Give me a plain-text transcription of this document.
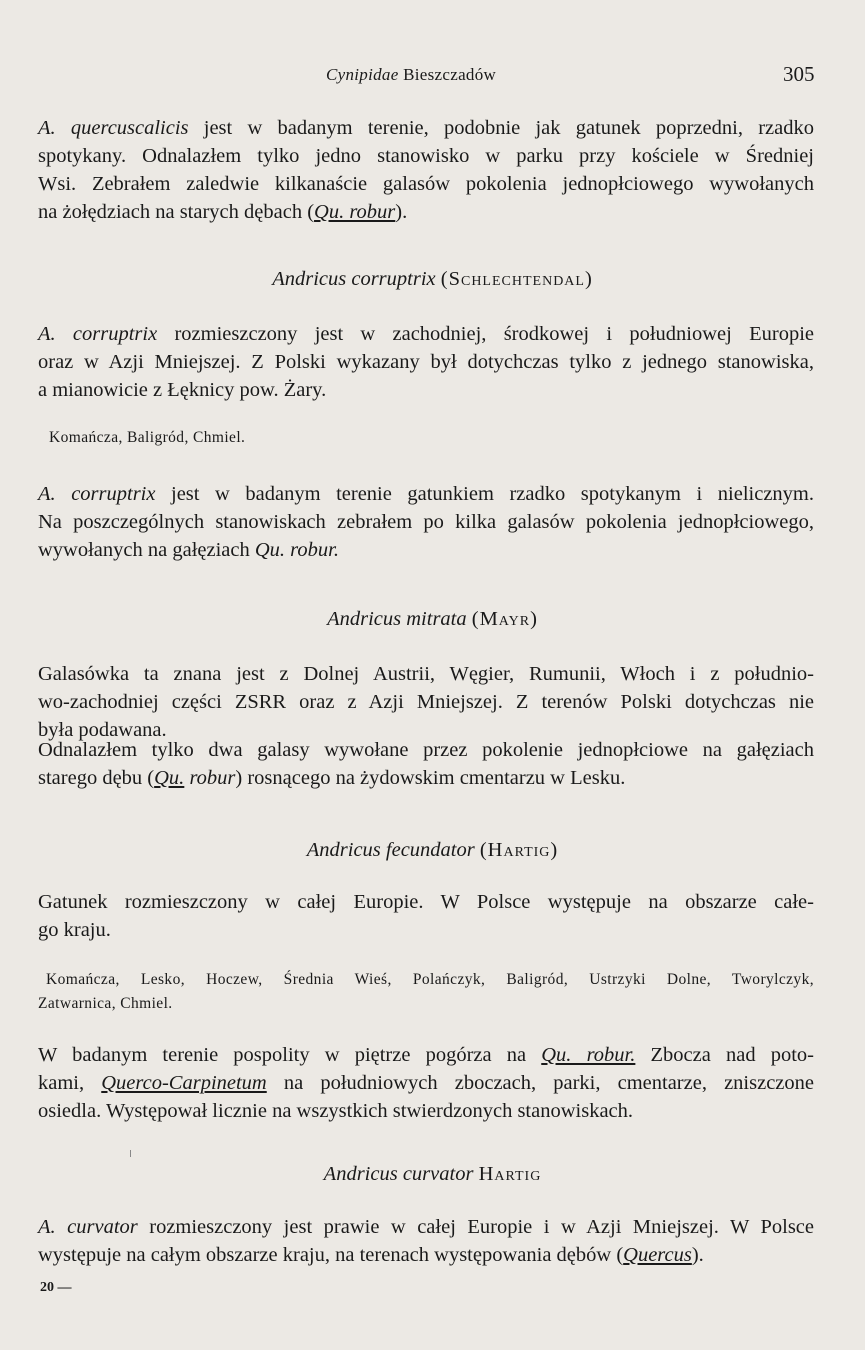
Cynipidae Bieszczadów	305
A. quercuscalicis jest w badanym terenie, podobnie jak gatunek poprzedni, rzadko
spotykany. Odnalazłem tylko jedno stanowisko w parku przy kościele w Średniej
Wsi. Zebrałem zaledwie kilkanaście galasów pokolenia jednopłciowego wywołanych
na żołędziach na starych dębach (Qu. robur).
Andricus corruptrix (Schlechtendal)
A. corruptrix rozmieszczony jest w zachodniej, środkowej i południowej Europie
oraz w Azji Mniejszej. Z Polski wykazany był dotychczas tylko z jednego stanowiska,
a mianowicie z Łęknicy pow. Żary.
Komańcza, Baligród, Chmiel.
A. corruptrix jest w badanym terenie gatunkiem rzadko spotykanym i nielicznym.
Na poszczególnych stanowiskach zebrałem po kilka galasów pokolenia jednopłciowego,
wywołanych na gałęziach Qu. robur.
Andricus mitrata (Mayr)
Galasówka ta znana jest z Dolnej Austrii, Węgier, Rumunii, Włoch i z południo-
wo-zachodniej części ZSRR oraz z Azji Mniejszej. Z terenów Polski dotychczas nie
była podawana.
Odnalazłem tylko dwa galasy wywołane przez pokolenie jednopłciowe na gałęziach
starego dębu (Qu. robur) rosnącego na żydowskim cmentarzu w Lesku.
Andricus fecundator (Hartig)
Gatunek rozmieszczony w całej Europie. W Polsce występuje na obszarze całe-
go kraju.
Komańcza, Lesko, Hoczew, Średnia Wieś, Polańczyk, Baligród, Ustrzyki Dolne, Tworylczyk,
Zatwarnica, Chmiel.
W badanym terenie pospolity w piętrze pogórza na Qu. robur. Zbocza nad poto-
kami, Querco-Carpinetum na południowych zboczach, parki, cmentarze, zniszczone
osiedla. Występował licznie na wszystkich stwierdzonych stanowiskach.
Andricus curvator Hartig
A. curvator rozmieszczony jest prawie w całej Europie i w Azji Mniejszej. W Polsce
występuje na całym obszarze kraju, na terenach występowania dębów (Quercus).
20 —
